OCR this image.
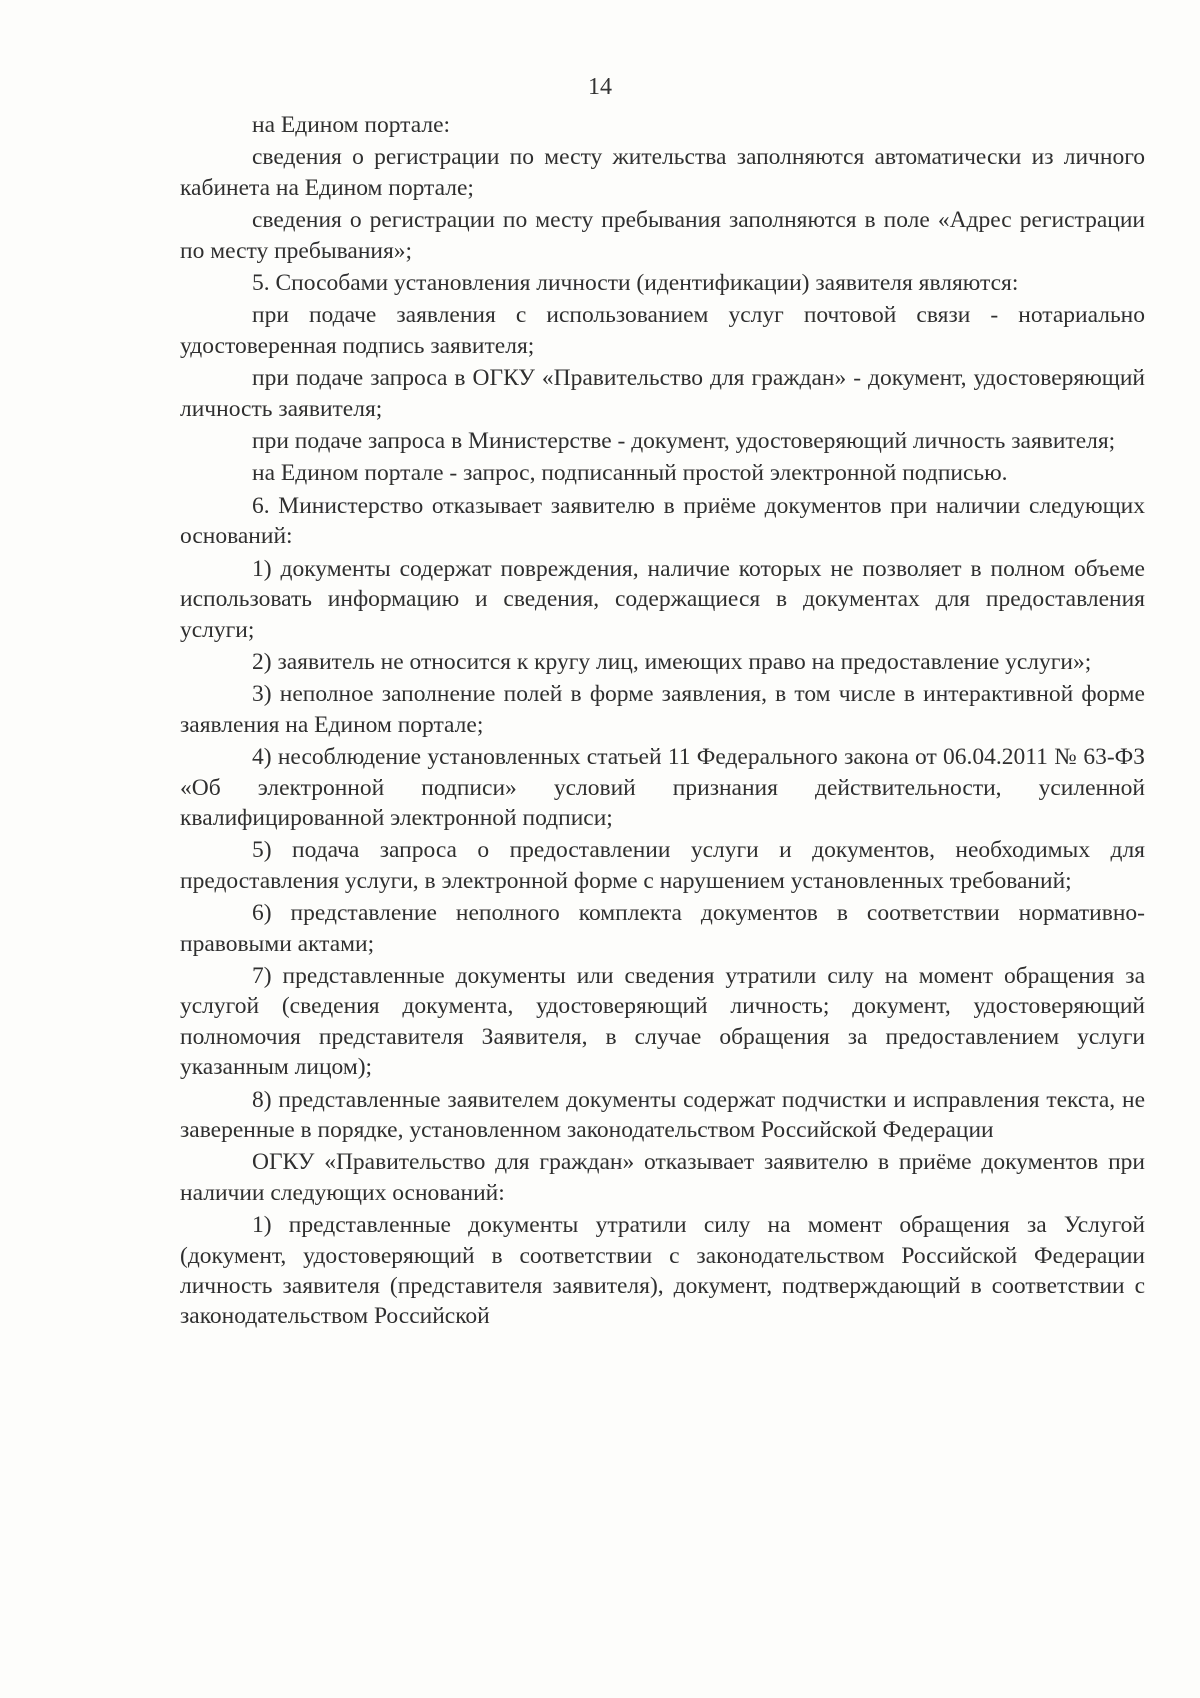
14

на Едином портале:

сведения о регистрации по месту жительства заполняются автоматически из личного кабинета на Едином портале;

сведения о регистрации по месту пребывания заполняются в поле «Адрес регистрации по месту пребывания»;

5. Способами установления личности (идентификации) заявителя являются:

при подаче заявления с использованием услуг почтовой связи - нотариально удостоверенная подпись заявителя;

при подаче запроса в ОГКУ «Правительство для граждан» - документ, удостоверяющий личность заявителя;

при подаче запроса в Министерстве - документ, удостоверяющий личность заявителя;

на Едином портале - запрос, подписанный простой электронной подписью.

6. Министерство отказывает заявителю в приёме документов при наличии следующих оснований:

1) документы содержат повреждения, наличие которых не позволяет в полном объеме использовать информацию и сведения, содержащиеся в документах для предоставления услуги;

2) заявитель не относится к кругу лиц, имеющих право на предоставление услуги»;

3) неполное заполнение полей в форме заявления, в том числе в интерактивной форме заявления на Едином портале;

4) несоблюдение установленных статьей 11 Федерального закона от 06.04.2011 № 63-ФЗ «Об электронной подписи» условий признания действительности, усиленной квалифицированной электронной подписи;

5) подача запроса о предоставлении услуги и документов, необходимых для предоставления услуги, в электронной форме с нарушением установленных требований;

6) представление неполного комплекта документов в соответствии нормативно-правовыми актами;

7) представленные документы или сведения утратили силу на момент обращения за услугой (сведения документа, удостоверяющий личность; документ, удостоверяющий полномочия представителя Заявителя, в случае обращения за предоставлением услуги указанным лицом);

8) представленные заявителем документы содержат подчистки и исправления текста, не заверенные в порядке, установленном законодательством Российской Федерации

ОГКУ «Правительство для граждан» отказывает заявителю в приёме документов при наличии следующих оснований:

1) представленные документы утратили силу на момент обращения за Услугой (документ, удостоверяющий в соответствии с законодательством Российской Федерации личность заявителя (представителя заявителя), документ, подтверждающий в соответствии с законодательством Российской
